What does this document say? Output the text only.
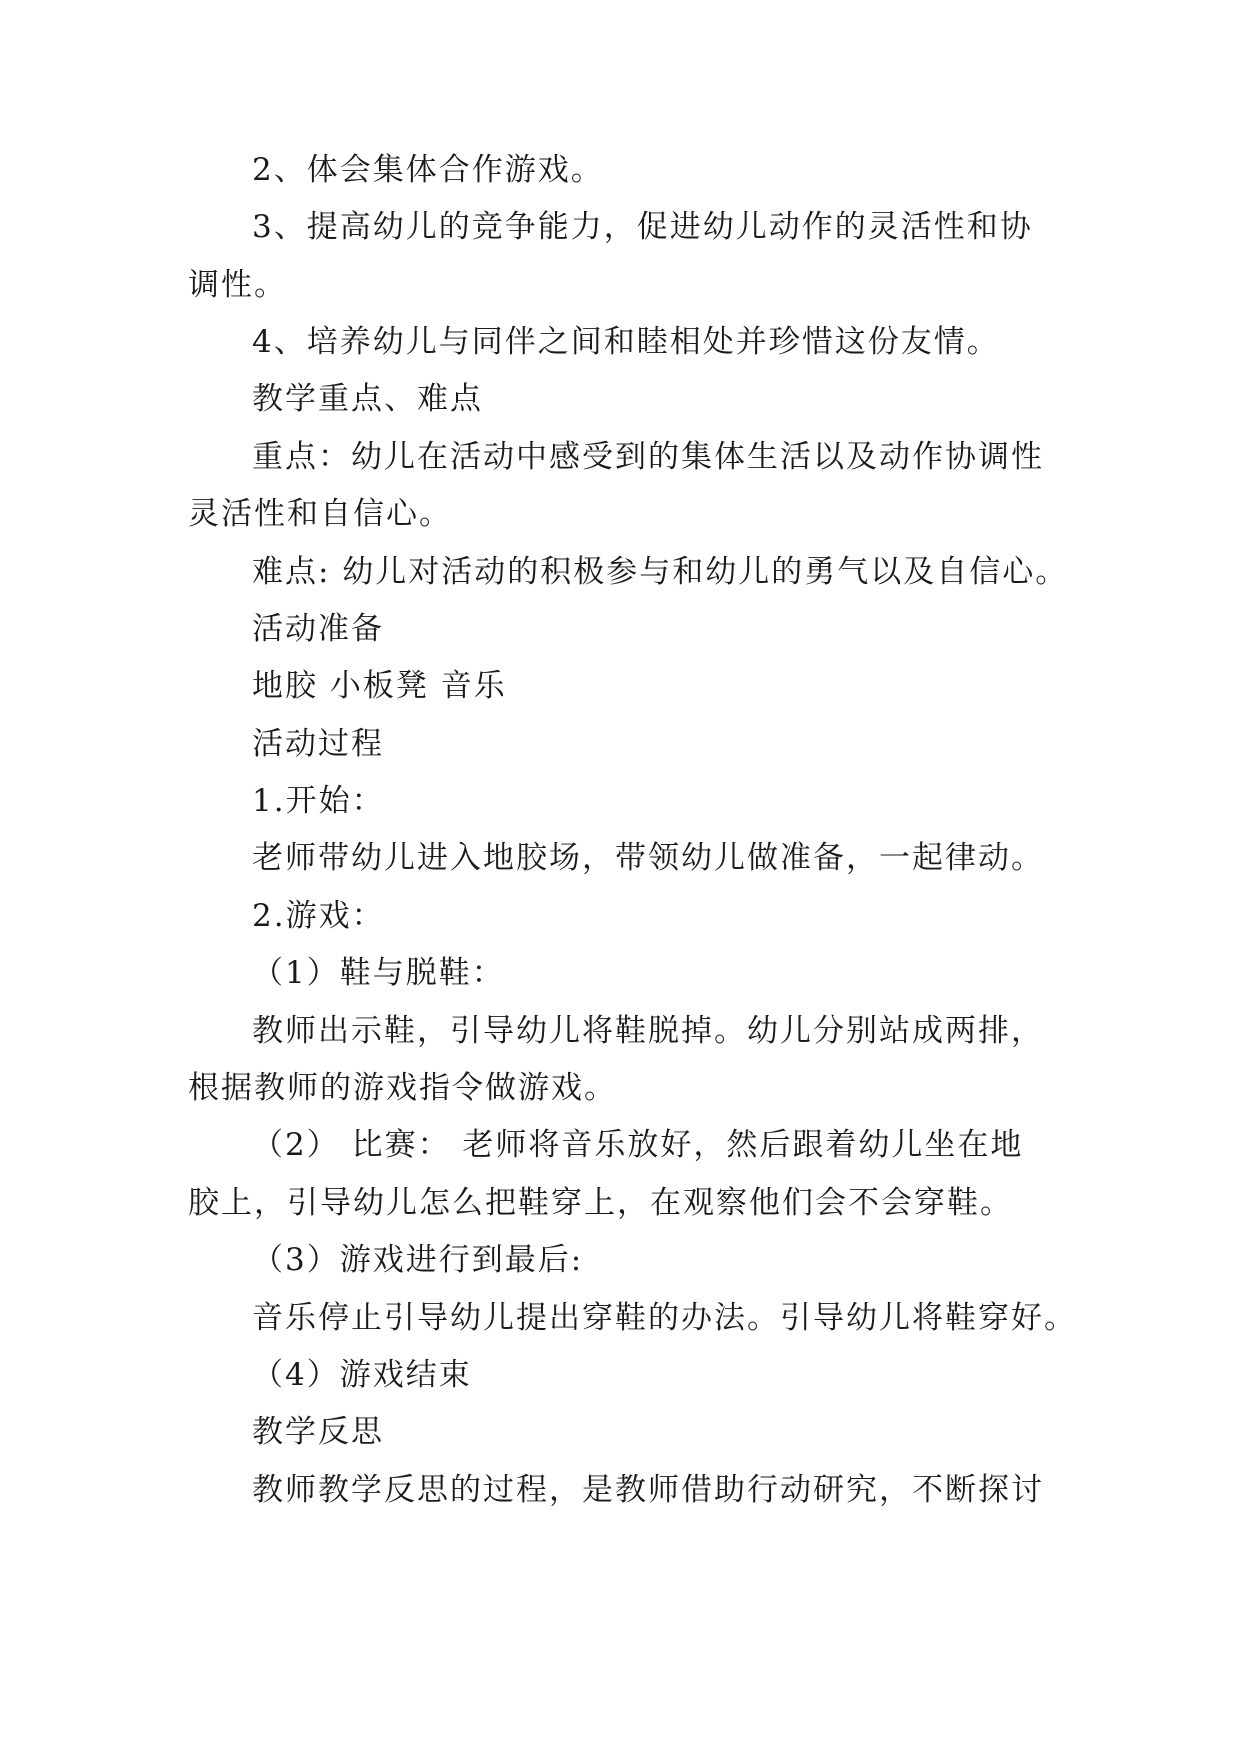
2、体会集体合作游戏。
3、提高幼儿的竞争能力，促进幼儿动作的灵活性和协
调性。
4、培养幼儿与同伴之间和睦相处并珍惜这份友情。
教学重点、难点
重点：幼儿在活动中感受到的集体生活以及动作协调性
灵活性和自信心。
难点: 幼儿对活动的积极参与和幼儿的勇气以及自信心。
活动准备
地胶 小板凳 音乐
活动过程
1.开始：
老师带幼儿进入地胶场，带领幼儿做准备，一起律动。
2.游戏：
（1）鞋与脱鞋：
教师出示鞋，引导幼儿将鞋脱掉。幼儿分别站成两排，
根据教师的游戏指令做游戏。
（2） 比赛： 老师将音乐放好，然后跟着幼儿坐在地
胶上，引导幼儿怎么把鞋穿上，在观察他们会不会穿鞋。
（3）游戏进行到最后:
音乐停止引导幼儿提出穿鞋的办法。引导幼儿将鞋穿好。
（4）游戏结束
教学反思
教师教学反思的过程，是教师借助行动研究，不断探讨
